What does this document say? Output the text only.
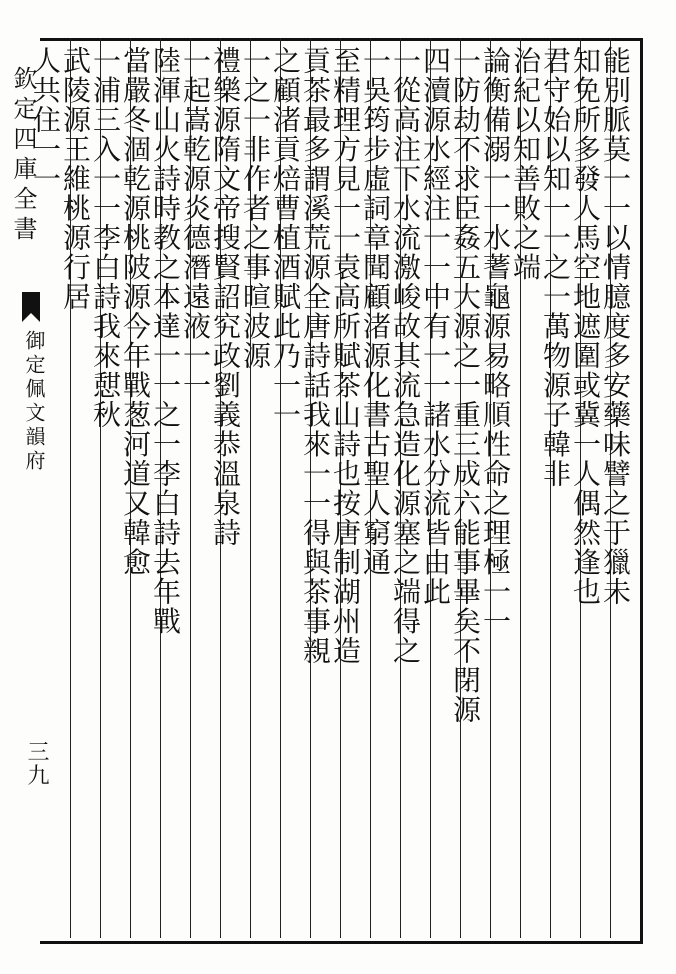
欽定四庫全書
御定佩文韻府
三九
能別脈莫一一以情臆度多安藥味譬之于獵未
知免所多發人馬空地遮圍或冀一人偶然逢也
君守始以知一一之一萬物源子韓非
治紀以知善敗之端
論衡備溺一一水蓍龜源易略順性命之理極一一
一防劫不求臣姦五大源之一重三成六能事畢矣不閉源
四瀆源水經注一一中有一一諸水分流皆由此
一從高注下水流激峻故其流急造化源塞之端得之
一吳筠步虛詞章聞顧渚源化書古聖人窮通
至精理方見一一袁高所賦茶山詩也按唐制湖州造
貢茶最多謂溪荒源全唐詩話我來一一得與茶事親
之顧渚貢焙曹植酒賦此乃一一
一之一非作者之事暄波源
禮樂源隋文帝搜賢詔究政劉義恭溫泉詩
一起嵩乾源炎德潛遠液一一
陸渾山火詩時教之本達一一之一李白詩去年戰
當嚴冬涸乾源桃陂源今年戰葱河道又韓愈
一浦三入一一李白詩我來憇秋
武陵源王維桃源行居
人共住一一
